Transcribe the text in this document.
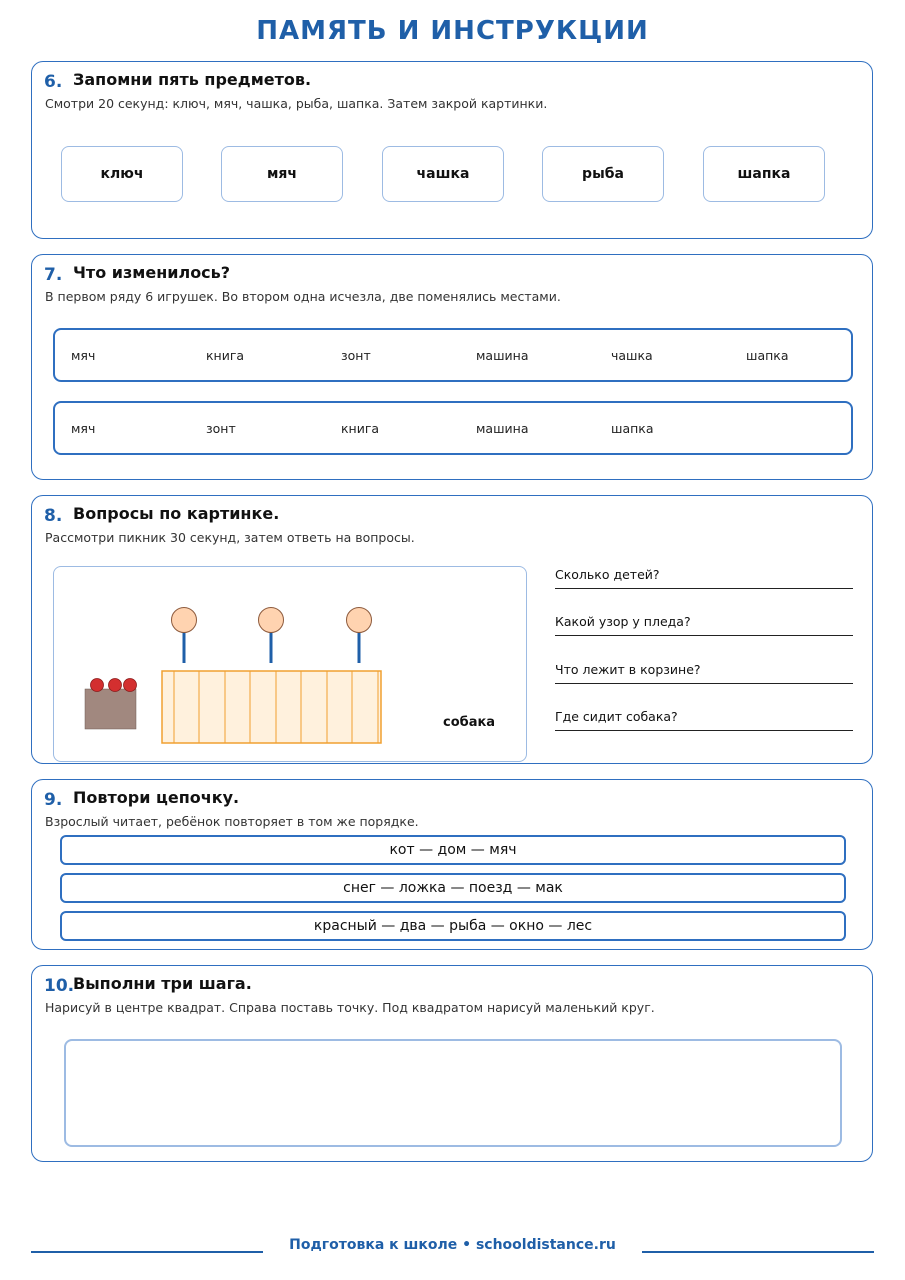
ПАМЯТЬ И ИНСТРУКЦИИ
6. Запомни пять предметов.
Смотри 20 секунд: ключ, мяч, чашка, рыба, шапка. Затем закрой картинки.
ключ	мяч	чашка	рыба	шапка
7. Что изменилось?
В первом ряду 6 игрушек. Во втором одна исчезла, две поменялись местами.
мяч	книга	зонт	машина	чашка	шапка
мяч	зонт	книга	машина	шапка
8. Вопросы по картинке.
Рассмотри пикник 30 секунд, затем ответь на вопросы.
собака
Сколько детей?
Какой узор у пледа?
Что лежит в корзине?
Где сидит собака?
9. Повтори цепочку.
Взрослый читает, ребёнок повторяет в том же порядке.
кот — дом — мяч
снег — ложка — поезд — мак
красный — два — рыба — окно — лес
10.
Выполни три шага.
Нарисуй в центре квадрат. Справа поставь точку. Под квадратом нарисуй маленький круг.
Подготовка к школе • schooldistance.ru
